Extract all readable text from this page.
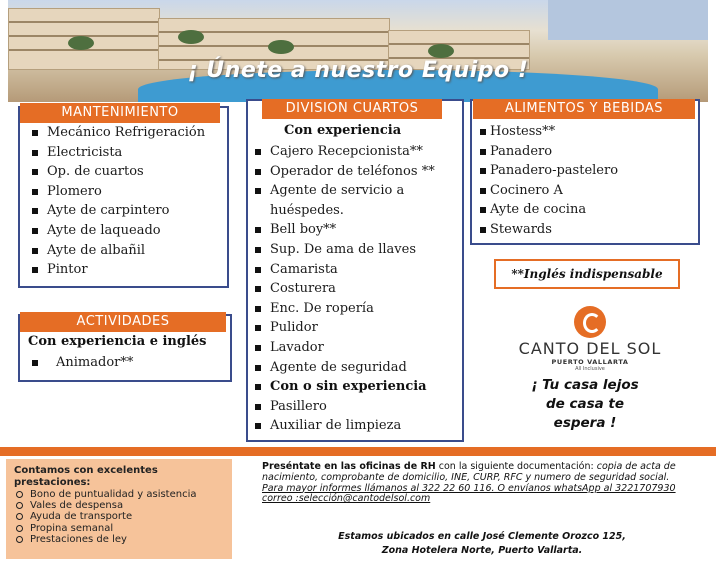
¡ Únete a nuestro Equipo !
MANTENIMIENTO
Mecánico Refrigeración
Electricista
Op. de cuartos
Plomero
Ayte de carpintero
Ayte de laqueado
Ayte de albañil
Pintor
ACTIVIDADES
Con experiencia e inglés
Animador**
DIVISION CUARTOS
Con experiencia
Cajero Recepcionista**
Operador de teléfonos **
Agente de servicio a
huéspedes.
Bell boy**
Sup. De ama de llaves
Camarista
Costurera
Enc. De ropería
Pulidor
Lavador
Agente de seguridad
Con o sin experiencia
Pasillero
Auxiliar de limpieza
ALIMENTOS Y BEBIDAS
Hostess**
Panadero
Panadero-pastelero
Cocinero A
Ayte de cocina
Stewards
**Inglés indispensable
CANTO DEL SOL
PUERTO VALLARTA
All Inclusive
¡ Tu casa lejos
de casa te
espera !
Contamos con excelentes prestaciones:
Bono de puntualidad y asistencia
Vales de despensa
Ayuda de transporte
Propina semanal
Prestaciones de ley
Preséntate en las oficinas de RH con la siguiente documentación: copia de acta de nacimiento, comprobante de domicilio, INE, CURP, RFC y numero de seguridad social.
Para mayor informes llámanos al 322 22 60 116. O envíanos whatsApp al 3221707930 correo :selección@cantodelsol.com
Estamos ubicados en calle José Clemente Orozco 125,
Zona Hotelera Norte, Puerto Vallarta.
